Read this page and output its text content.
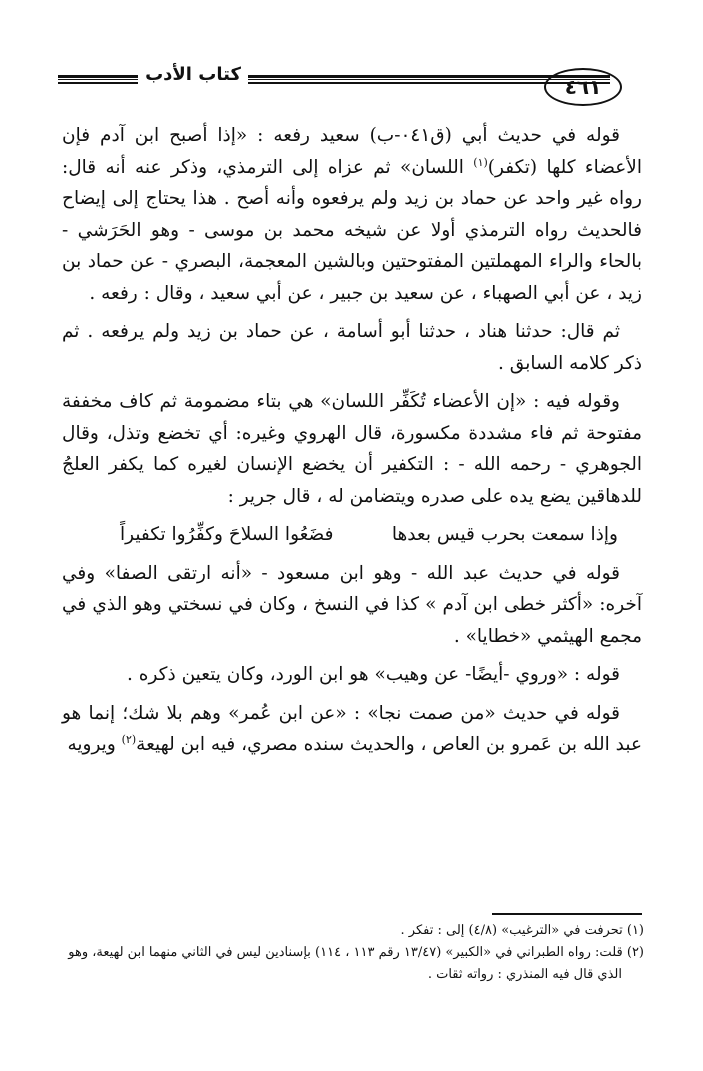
كتاب الأدب
٤٦١

قوله في حديث أبي (ق٠٤١-ب) سعيد رفعه : «إذا أصبح ابن آدم فإن الأعضاء كلها (تكفر)$^{(١)}$ اللسان» ثم عزاه إلى الترمذي، وذكر عنه أنه قال: رواه غير واحد عن حماد بن زيد ولم يرفعوه وأنه أصح . هذا يحتاج إلى إيضاح فالحديث رواه الترمذي أولا عن شيخه محمد بن موسى - وهو الحَرَشي - بالحاء والراء المهملتين المفتوحتين وبالشين المعجمة، البصري - عن حماد بن زيد ، عن أبي الصهباء ، عن سعيد بن جبير ، عن أبي سعيد ، وقال : رفعه .

ثم قال: حدثنا هناد ، حدثنا أبو أسامة ، عن حماد بن زيد ولم يرفعه . ثم ذكر كلامه السابق .

وقوله فيه : «إن الأعضاء تُكَفِّر اللسان» هي بتاء مضمومة ثم كاف مخففة مفتوحة ثم فاء مشددة مكسورة، قال الهروي وغيره: أي تخضع وتذل، وقال الجوهري - رحمه الله - : التكفير أن يخضع الإنسان لغيره كما يكفر العلجُ للدهاقين يضع يده على صدره ويتضامن له ، قال جرير :

وإذا سمعت بحرب قيس بعدها
فضَعُوا السلاحَ وكفِّرُوا تكفيراً

قوله في حديث عبد الله - وهو ابن مسعود - «أنه ارتقى الصفا» وفي آخره: «أكثر خطى ابن آدم » كذا في النسخ ، وكان في نسختي وهو الذي في مجمع الهيثمي «خطايا» .

قوله : «وروي -أيضًا- عن وهيب» هو ابن الورد، وكان يتعين ذكره .

قوله في حديث «من صمت نجا» : «عن ابن عُمر» وهم بلا شك؛ إنما هو عبد الله بن عَمرو بن العاص ، والحديث سنده مصري، فيه ابن لهيعة$^{(٢)}$ ويرويه

(١) تحرفت في «الترغيب» (٤/٨) إلى : تفكر .

(٢) قلت: رواه الطبراني في «الكبير» (١٣/٤٧ رقم ١١٣ ، ١١٤) بإسنادين ليس في الثاني منهما ابن لهيعة، وهو

الذي قال فيه المنذري : رواته ثقات .
